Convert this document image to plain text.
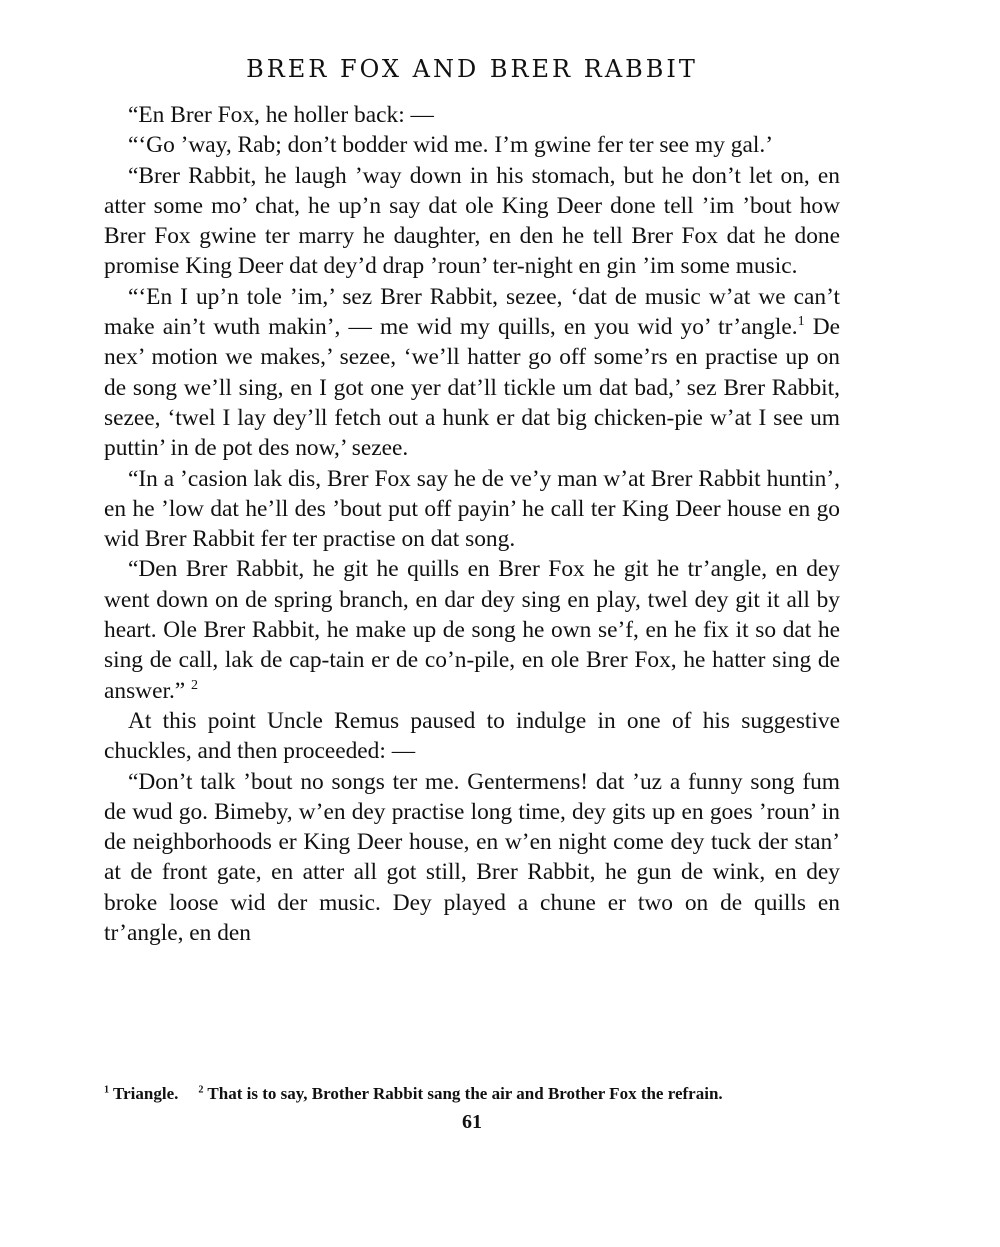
BRER FOX AND BRER RABBIT

“En Brer Fox, he holler back: —

“‘Go ’way, Rab; don’t bodder wid me. I’m gwine fer ter see my gal.’

“Brer Rabbit, he laugh ’way down in his stomach, but he don’t let on, en atter some mo’ chat, he up’n say dat ole King Deer done tell ’im ’bout how Brer Fox gwine ter marry he daughter, en den he tell Brer Fox dat he done promise King Deer dat dey’d drap ’roun’ ter-night en gin ’im some music.

“‘En I up’n tole ’im,’ sez Brer Rabbit, sezee, ‘dat de music w’at we can’t make ain’t wuth makin’, — me wid my quills, en you wid yo’ tr’angle.$^1$ De nex’ motion we makes,’ sezee, ‘we’ll hatter go off some’rs en practise up on de song we’ll sing, en I got one yer dat’ll tickle um dat bad,’ sez Brer Rabbit, sezee, ‘twel I lay dey’ll fetch out a hunk er dat big chicken-pie w’at I see um puttin’ in de pot des now,’ sezee.

“In a ’casion lak dis, Brer Fox say he de ve’y man w’at Brer Rabbit huntin’, en he ’low dat he’ll des ’bout put off payin’ he call ter King Deer house en go wid Brer Rabbit fer ter practise on dat song.

“Den Brer Rabbit, he git he quills en Brer Fox he git he tr’angle, en dey went down on de spring branch, en dar dey sing en play, twel dey git it all by heart. Ole Brer Rabbit, he make up de song he own se’f, en he fix it so dat he sing de call, lak de cap-tain er de co’n-pile, en ole Brer Fox, he hatter sing de answer.” $^2$

At this point Uncle Remus paused to indulge in one of his suggestive chuckles, and then proceeded: —

“Don’t talk ’bout no songs ter me. Gentermens! dat ’uz a funny song fum de wud go. Bimeby, w’en dey practise long time, dey gits up en goes ’roun’ in de neighborhoods er King Deer house, en w’en night come dey tuck der stan’ at de front gate, en atter all got still, Brer Rabbit, he gun de wink, en dey broke loose wid der music. Dey played a chune er two on de quills en tr’angle, en den

$^1$ Triangle. $^2$ That is to say, Brother Rabbit sang the air and Brother Fox the refrain.
61
